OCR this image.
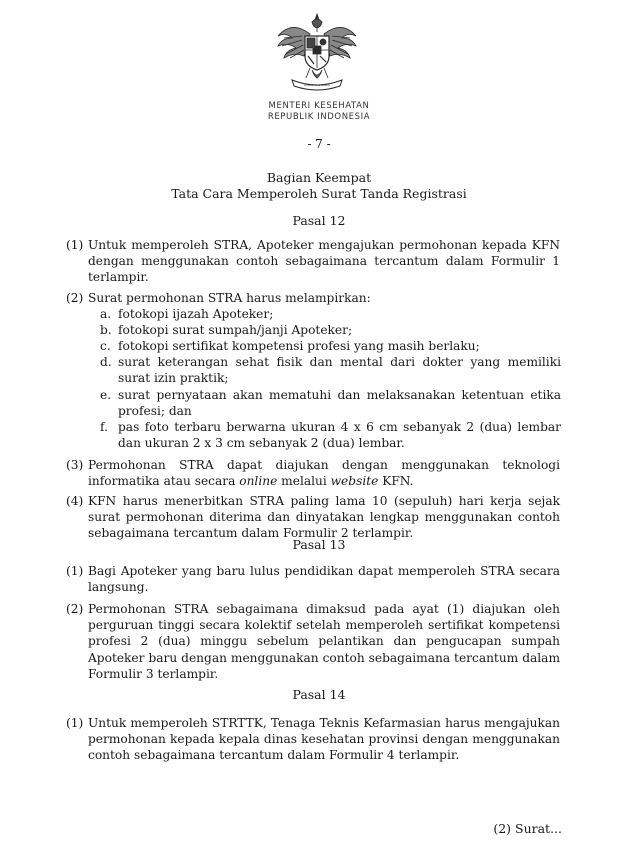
~~~~~~~~
MENTERI KESEHATAN
REPUBLIK INDONESIA
- 7 -
Bagian Keempat
Tata Cara Memperoleh Surat Tanda Registrasi
Pasal 12
(1) Untuk memperoleh STRA, Apoteker mengajukan permohonan kepada KFN dengan menggunakan contoh sebagaimana tercantum dalam Formulir 1 terlampir.
(2) Surat permohonan STRA harus melampirkan:
a. fotokopi ijazah Apoteker;
b. fotokopi surat sumpah/janji Apoteker;
c. fotokopi sertifikat kompetensi profesi yang masih berlaku;
d. surat keterangan sehat fisik dan mental dari dokter yang memiliki surat izin praktik;
e. surat pernyataan akan mematuhi dan melaksanakan ketentuan etika profesi; dan
f. pas foto terbaru berwarna ukuran 4 x 6 cm sebanyak 2 (dua) lembar dan ukuran 2 x 3 cm sebanyak 2 (dua) lembar.
(3) Permohonan STRA dapat diajukan dengan menggunakan teknologi informatika atau secara online melalui website KFN.
(4) KFN harus menerbitkan STRA paling lama 10 (sepuluh) hari kerja sejak surat permohonan diterima dan dinyatakan lengkap menggunakan contoh sebagaimana tercantum dalam Formulir 2 terlampir.
Pasal 13
(1) Bagi Apoteker yang baru lulus pendidikan dapat memperoleh STRA secara langsung.
(2) Permohonan STRA sebagaimana dimaksud pada ayat (1) diajukan oleh perguruan tinggi secara kolektif setelah memperoleh sertifikat kompetensi profesi 2 (dua) minggu sebelum pelantikan dan pengucapan sumpah Apoteker baru dengan menggunakan contoh sebagaimana tercantum dalam Formulir 3 terlampir.
Pasal 14
(1) Untuk memperoleh STRTTK, Tenaga Teknis Kefarmasian harus mengajukan permohonan kepada kepala dinas kesehatan provinsi dengan menggunakan contoh sebagaimana tercantum dalam Formulir 4 terlampir.
(2) Surat...
